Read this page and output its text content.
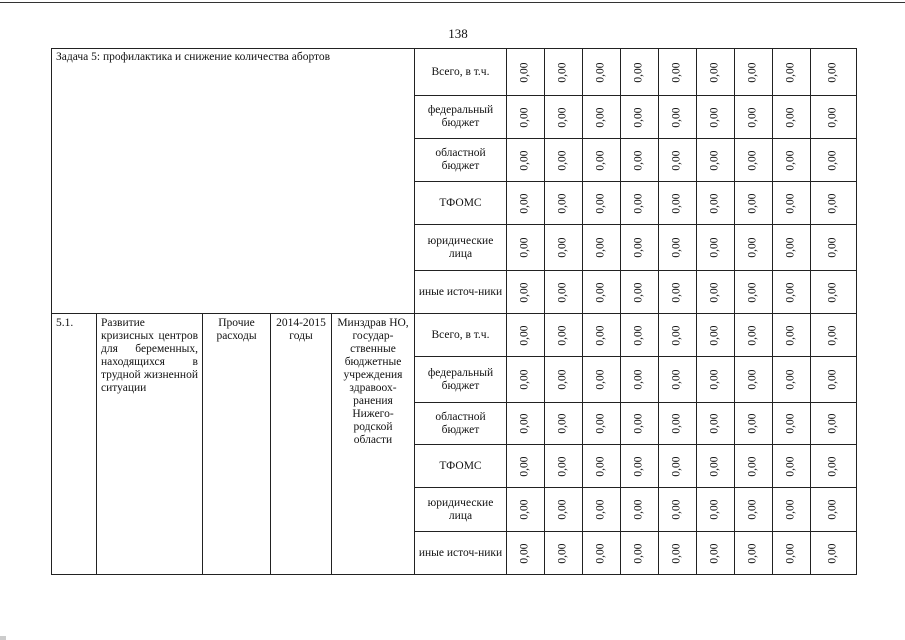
138
Задача 5: профилактика и снижение количества абортов					Всего, в т.ч.	0,00	0,00	0,00	0,00	0,00	0,00	0,00	0,00	0,00
					федеральный бюджет	0,00	0,00	0,00	0,00	0,00	0,00	0,00	0,00	0,00
					областной бюджет	0,00	0,00	0,00	0,00	0,00	0,00	0,00	0,00	0,00
					ТФОМС	0,00	0,00	0,00	0,00	0,00	0,00	0,00	0,00	0,00
					юридические лица	0,00	0,00	0,00	0,00	0,00	0,00	0,00	0,00	0,00
					иные источ-ники	0,00	0,00	0,00	0,00	0,00	0,00	0,00	0,00	0,00
5.1.	Развитие кризисных центров для беременных, находящихся в трудной жизненной ситуации	Прочие расходы	2014-2015 годы	Минздрав НО, государ-ственные бюджетные учреждения здравоох-ранения Нижего-родской области	Всего, в т.ч.	0,00	0,00	0,00	0,00	0,00	0,00	0,00	0,00	0,00
					федеральный бюджет	0,00	0,00	0,00	0,00	0,00	0,00	0,00	0,00	0,00
					областной бюджет	0,00	0,00	0,00	0,00	0,00	0,00	0,00	0,00	0,00
					ТФОМС	0,00	0,00	0,00	0,00	0,00	0,00	0,00	0,00	0,00
					юридические лица	0,00	0,00	0,00	0,00	0,00	0,00	0,00	0,00	0,00
					иные источ-ники	0,00	0,00	0,00	0,00	0,00	0,00	0,00	0,00	0,00
